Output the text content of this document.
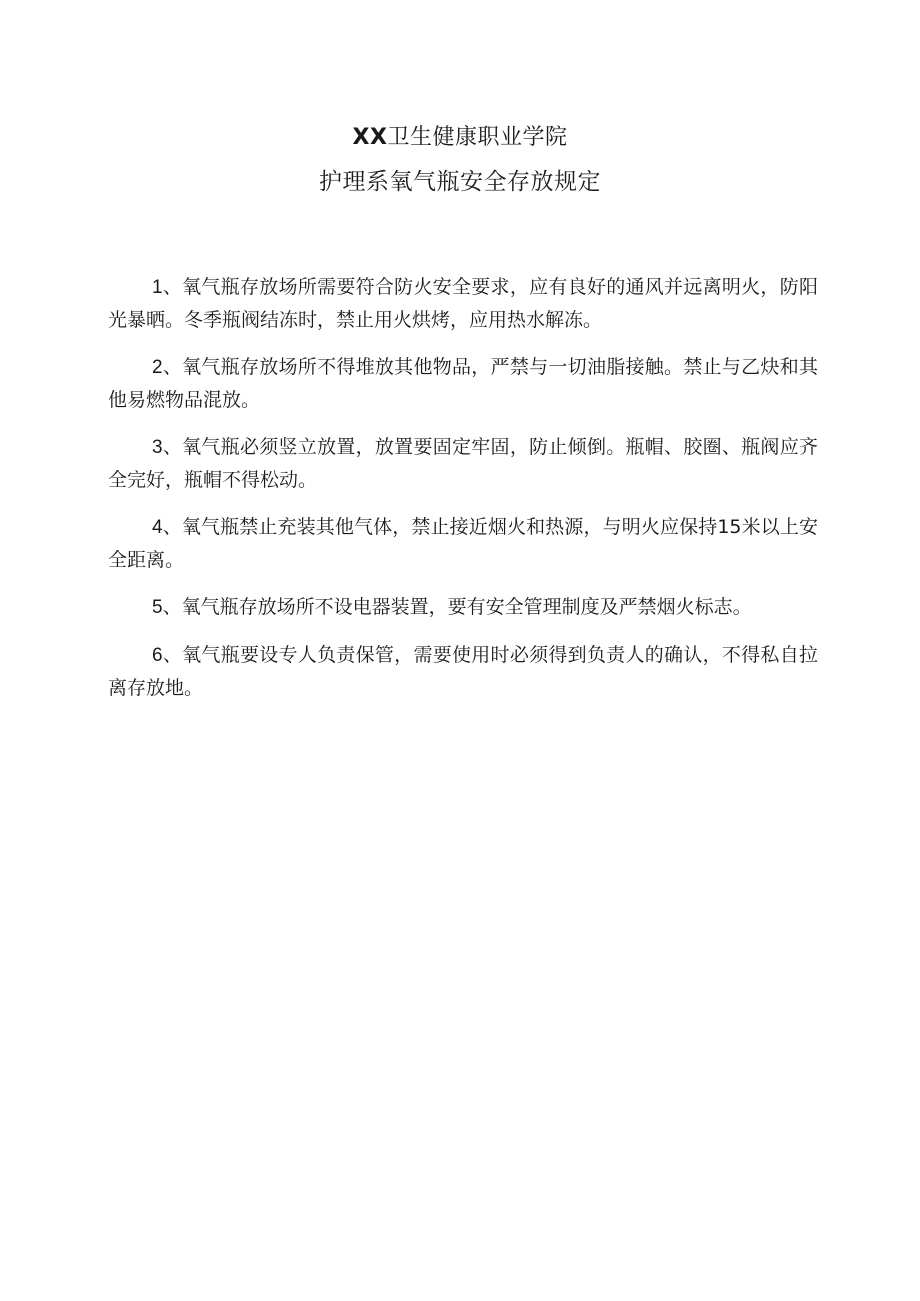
XX卫生健康职业学院
护理系氧气瓶安全存放规定

1、氧气瓶存放场所需要符合防火安全要求，应有良好的通风并远离明火，防阳光暴晒。冬季瓶阀结冻时，禁止用火烘烤，应用热水解冻。

2、氧气瓶存放场所不得堆放其他物品，严禁与一切油脂接触。禁止与乙炔和其他易燃物品混放。

3、氧气瓶必须竖立放置，放置要固定牢固，防止倾倒。瓶帽、胶圈、瓶阀应齐全完好，瓶帽不得松动。

4、氧气瓶禁止充装其他气体，禁止接近烟火和热源，与明火应保持15米以上安全距离。

5、氧气瓶存放场所不设电器装置，要有安全管理制度及严禁烟火标志。

6、氧气瓶要设专人负责保管，需要使用时必须得到负责人的确认，不得私自拉离存放地。
